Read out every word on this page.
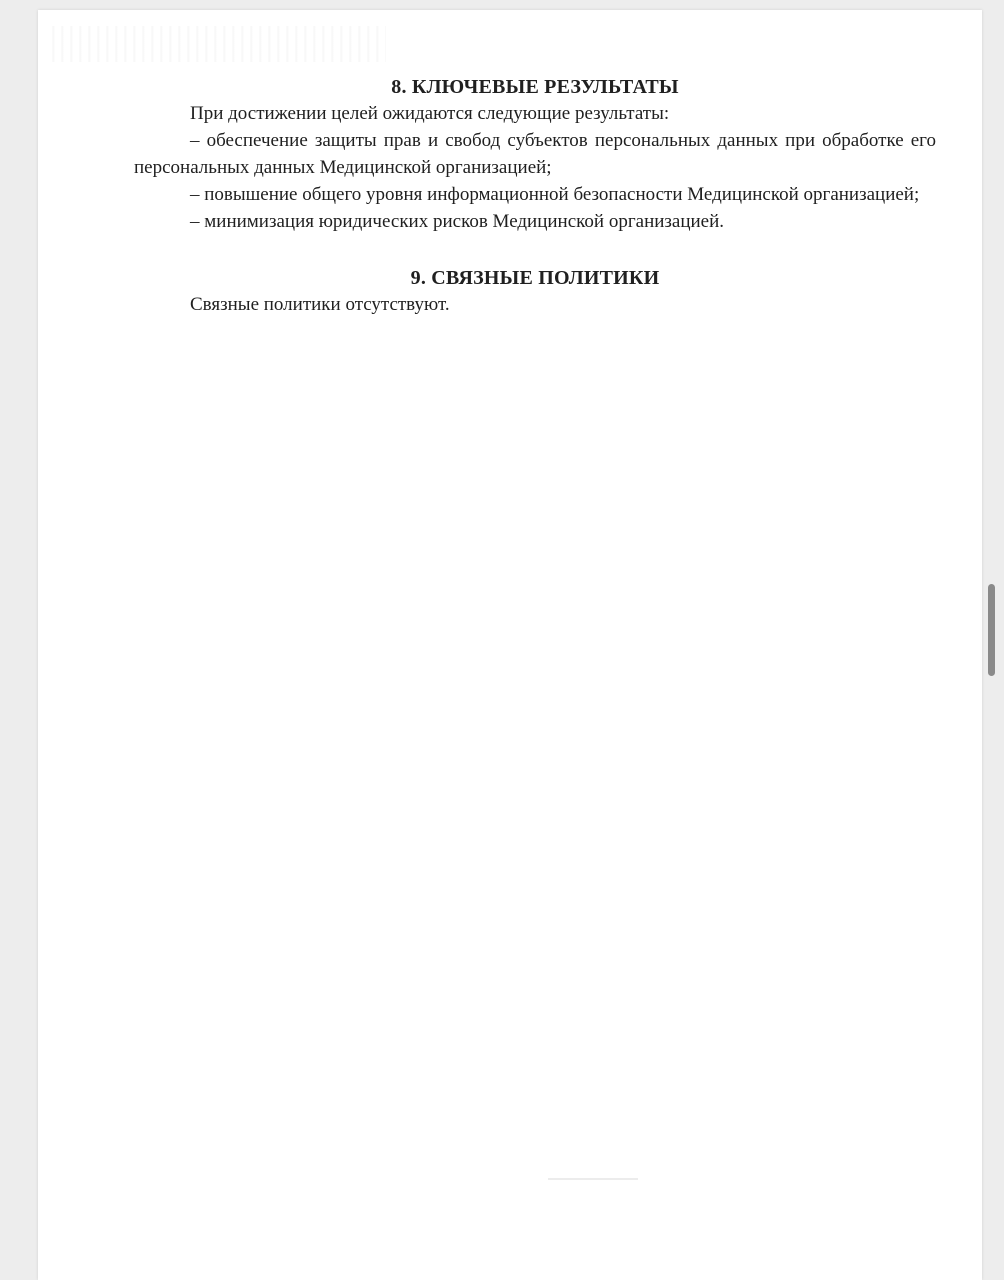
8. КЛЮЧЕВЫЕ РЕЗУЛЬТАТЫ

При достижении целей ожидаются следующие результаты:

– обеспечение защиты прав и свобод субъектов персональных данных при обработке его персональных данных Медицинской организацией;

– повышение общего уровня информационной безопасности Медицинской организацией;

– минимизация юридических рисков Медицинской организацией.

9. СВЯЗНЫЕ ПОЛИТИКИ

Связные политики отсутствуют.
